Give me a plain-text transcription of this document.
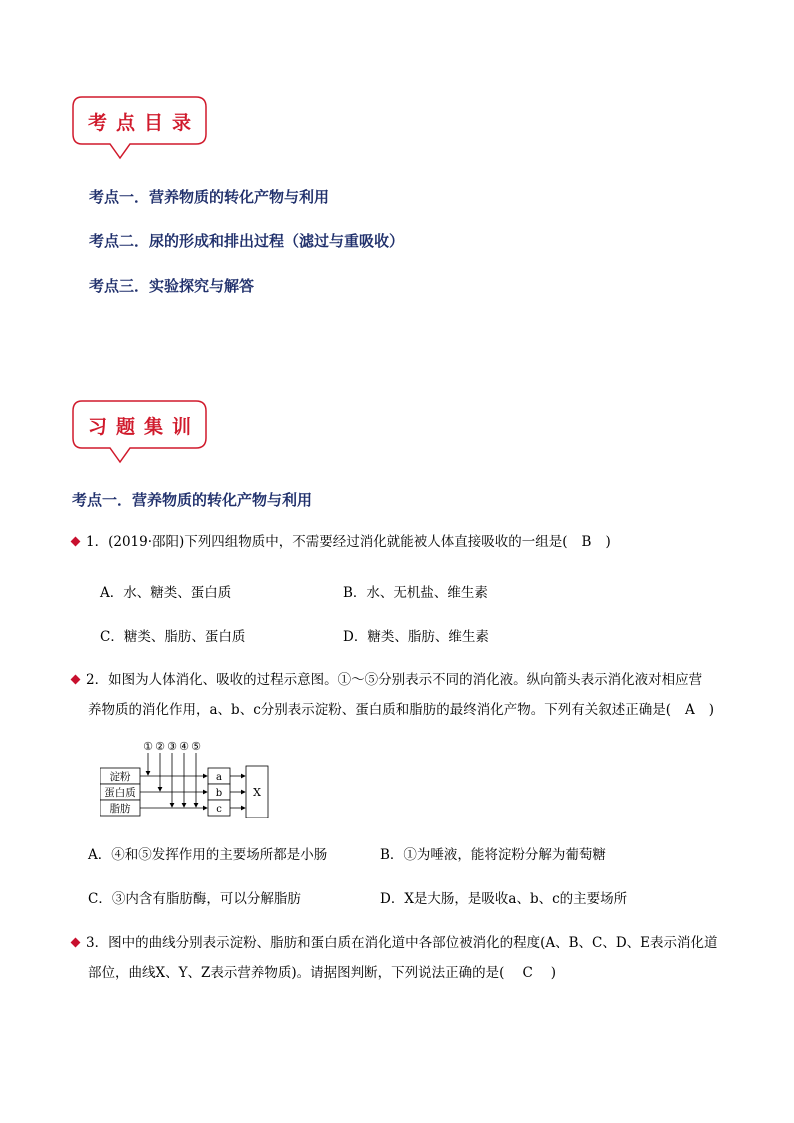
考点目录
考点一．营养物质的转化产物与利用
考点二．尿的形成和排出过程（滤过与重吸收）
考点三．实验探究与解答
习题集训
考点一．营养物质的转化产物与利用
1．(2019·邵阳)下列四组物质中，不需要经过消化就能被人体直接吸收的一组是( B )
A．水、糖类、蛋白质	B．水、无机盐、维生素
C．糖类、脂肪、蛋白质	D．糖类、脂肪、维生素
2．如图为人体消化、吸收的过程示意图。①～⑤分别表示不同的消化液。纵向箭头表示消化液对相应营
养物质的消化作用，a、b、c分别表示淀粉、蛋白质和脂肪的最终消化产物。下列有关叙述正确是( A )
淀粉
蛋白质
脂肪
① ② ③ ④ ⑤
a
b
c
X
A．④和⑤发挥作用的主要场所都是小肠	B．①为唾液，能将淀粉分解为葡萄糖
C．③内含有脂肪酶，可以分解脂肪	D．X是大肠，是吸收a、b、c的主要场所
3．图中的曲线分别表示淀粉、脂肪和蛋白质在消化道中各部位被消化的程度(A、B、C、D、E表示消化道
部位，曲线X、Y、Z表示营养物质)。请据图判断，下列说法正确的是( C )
